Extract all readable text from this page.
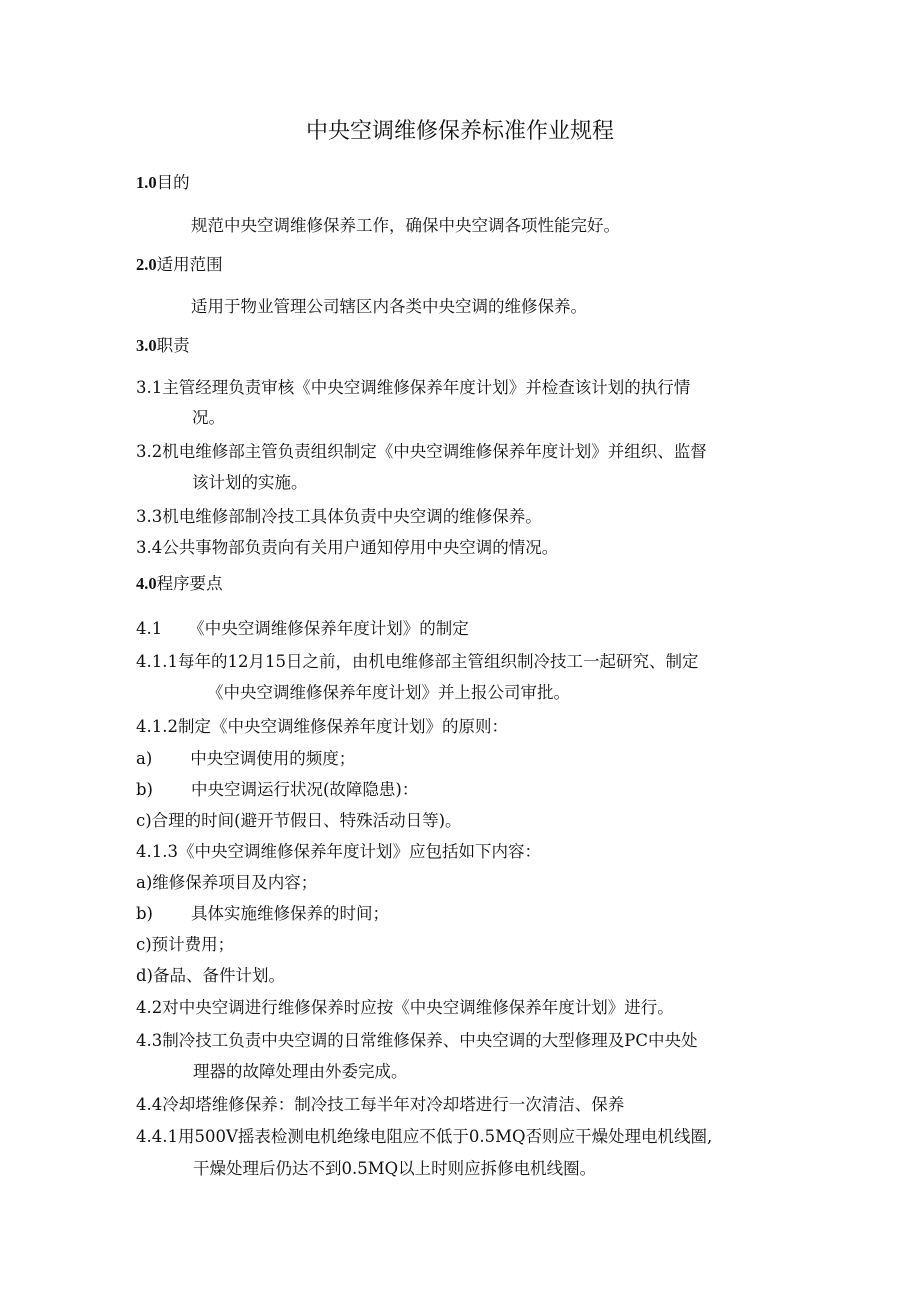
中央空调维修保养标准作业规程
1.0目的
规范中央空调维修保养工作，确保中央空调各项性能完好。
2.0适用范围
适用于物业管理公司辖区内各类中央空调的维修保养。
3.0职责
3.1主管经理负责审核《中央空调维修保养年度计划》并检查该计划的执行情
况。
3.2机电维修部主管负责组织制定《中央空调维修保养年度计划》并组织、监督
该计划的实施。
3.3机电维修部制冷技工具体负责中央空调的维修保养。
3.4公共事物部负责向有关用户通知停用中央空调的情况。
4.0程序要点
4.1 《中央空调维修保养年度计划》的制定
4.1.1每年的12月15日之前，由机电维修部主管组织制冷技工一起研究、制定
《中央空调维修保养年度计划》并上报公司审批。
4.1.2制定《中央空调维修保养年度计划》的原则：
a) 中央空调使用的频度；
b) 中央空调运行状况(故障隐患)：
c)合理的时间(避开节假日、特殊活动日等)。
4.1.3《中央空调维修保养年度计划》应包括如下内容：
a)维修保养项目及内容；
b) 具体实施维修保养的时间；
c)预计费用；
d)备品、备件计划。
4.2对中央空调进行维修保养时应按《中央空调维修保养年度计划》进行。
4.3制冷技工负责中央空调的日常维修保养、中央空调的大型修理及PC中央处
理器的故障处理由外委完成。
4.4冷却塔维修保养：制冷技工每半年对冷却塔进行一次清洁、保养
4.4.1用500V摇表检测电机绝缘电阻应不低于0.5MQ否则应干燥处理电机线圈,
干燥处理后仍达不到0.5MQ以上时则应拆修电机线圈。
